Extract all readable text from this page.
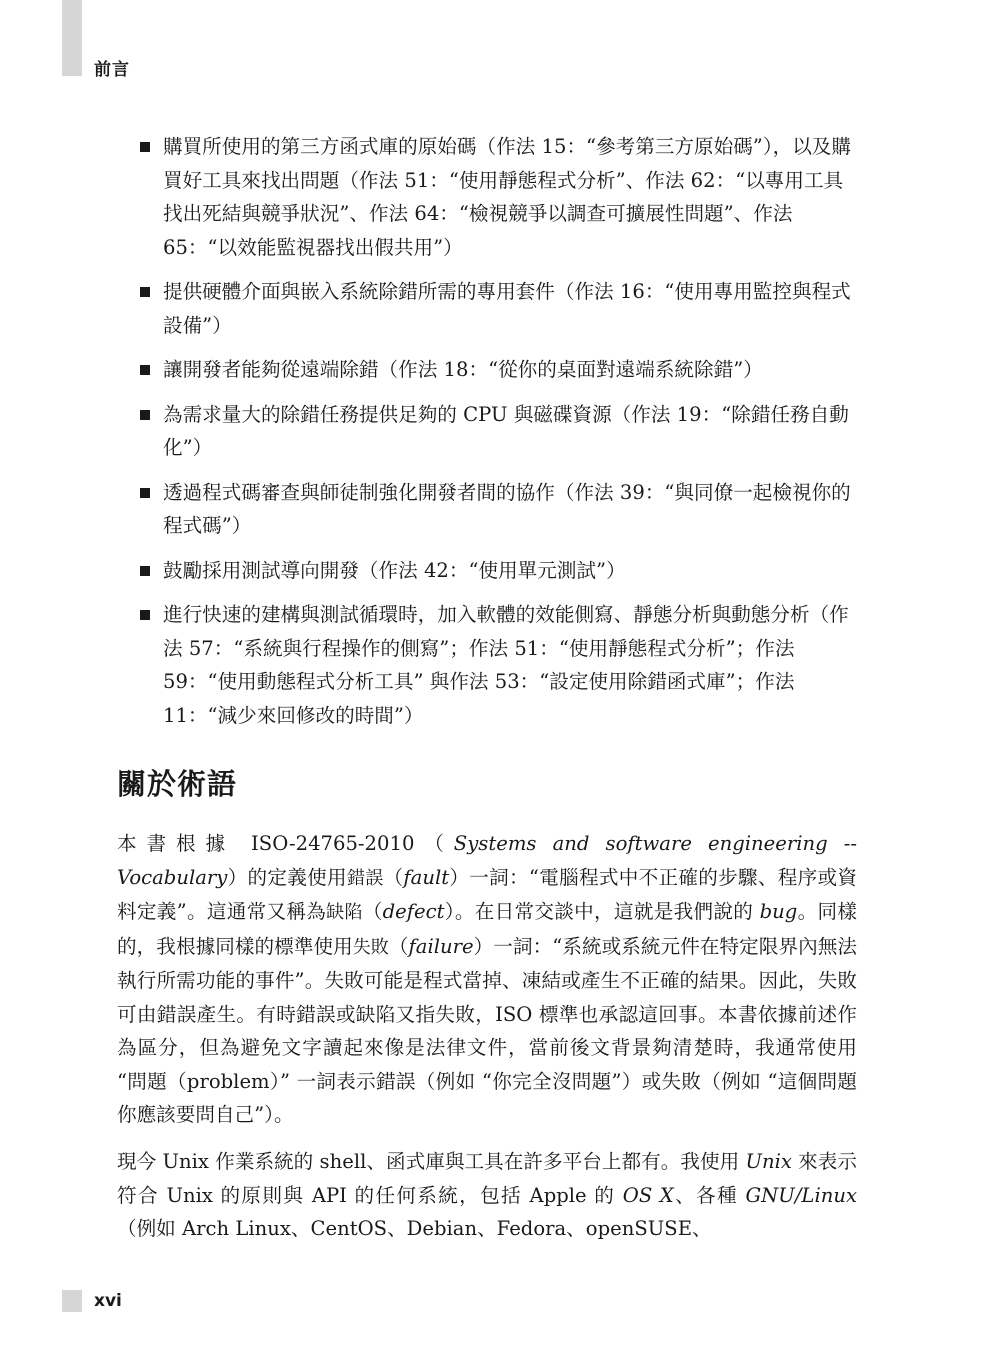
前言
購買所使用的第三方函式庫的原始碼（作法 15：“參考第三方原始碼”），以及購買好工具來找出問題（作法 51：“使用靜態程式分析”、作法 62：“以專用工具找出死結與競爭狀況”、作法 64：“檢視競爭以調查可擴展性問題”、作法 65：“以效能監視器找出假共用”）
提供硬體介面與嵌入系統除錯所需的專用套件（作法 16：“使用專用監控與程式設備”）
讓開發者能夠從遠端除錯（作法 18：“從你的桌面對遠端系統除錯”）
為需求量大的除錯任務提供足夠的 CPU 與磁碟資源（作法 19：“除錯任務自動化”）
透過程式碼審查與師徒制強化開發者間的協作（作法 39：“與同僚一起檢視你的程式碼”）
鼓勵採用測試導向開發（作法 42：“使用單元測試”）
進行快速的建構與測試循環時，加入軟體的效能側寫、靜態分析與動態分析（作法 57：“系統與行程操作的側寫”；作法 51：“使用靜態程式分析”；作法 59：“使用動態程式分析工具” 與作法 53：“設定使用除錯函式庫”；作法 11：“減少來回修改的時間”）
關於術語

本書根據 ISO-24765-2010（Systems and software engineering -- Vocabulary）的定義使用錯誤（fault）一詞：“電腦程式中不正確的步驟、程序或資料定義”。這通常又稱為缺陷（defect）。在日常交談中，這就是我們說的 bug。同樣的，我根據同樣的標準使用失敗（failure）一詞：“系統或系統元件在特定限界內無法執行所需功能的事件”。失敗可能是程式當掉、凍結或產生不正確的結果。因此，失敗可由錯誤產生。有時錯誤或缺陷又指失敗，ISO 標準也承認這回事。本書依據前述作為區分，但為避免文字讀起來像是法律文件，當前後文背景夠清楚時，我通常使用 “問題（problem）” 一詞表示錯誤（例如 “你完全沒問題”）或失敗（例如 “這個問題你應該要問自己”）。

現今 Unix 作業系統的 shell、函式庫與工具在許多平台上都有。我使用 Unix 來表示符合 Unix 的原則與 API 的任何系統，包括 Apple 的 OS X、各種 GNU/Linux（例如 Arch Linux、CentOS、Debian、Fedora、openSUSE、

xvi
